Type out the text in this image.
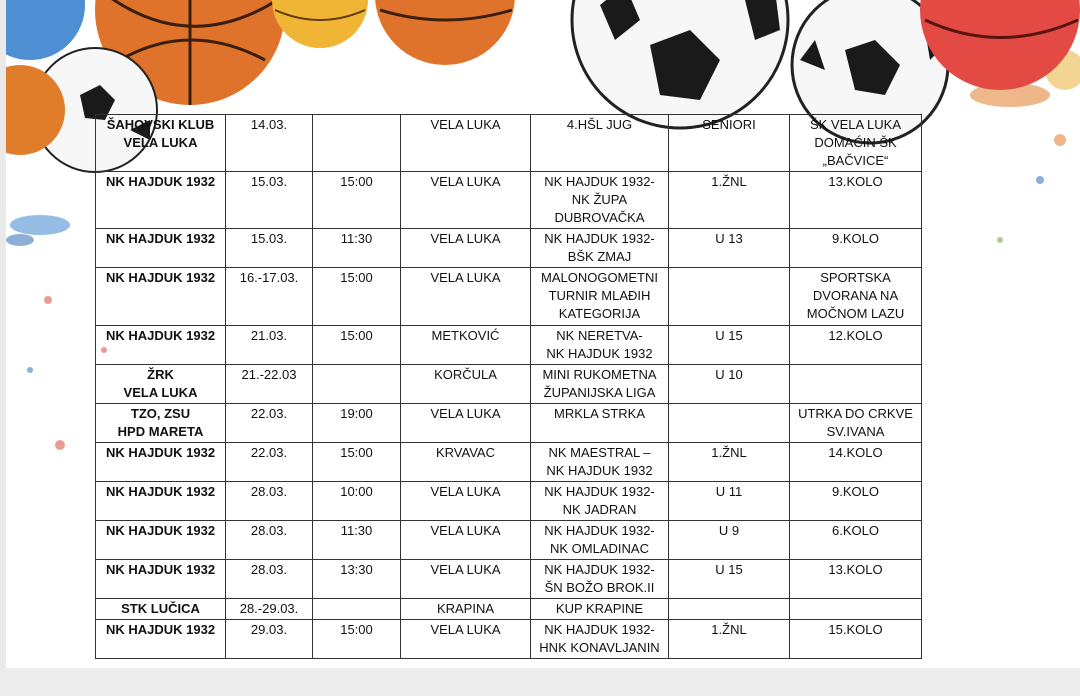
ŠAHOVSKI KLUB
VELA LUKA	14.03.		VELA LUKA	4.HŠL JUG	SENIORI	ŠK VELA LUKA
DOMAĆIN ŠK
„BAČVICE“

NK HAJDUK 1932	15.03.	15:00	VELA LUKA	NK HAJDUK 1932-
NK ŽUPA
DUBROVAČKA	1.ŽNL	13.KOLO

NK HAJDUK 1932	15.03.	11:30	VELA LUKA	NK HAJDUK 1932-
BŠK ZMAJ	U 13	9.KOLO

NK HAJDUK 1932	16.-17.03.	15:00	VELA LUKA	MALONOGOMETNI
TURNIR MLAĐIH
KATEGORIJA		SPORTSKA
DVORANA NA
MOČNOM LAZU

NK HAJDUK 1932	21.03.	15:00	METKOVIĆ	NK NERETVA-
NK HAJDUK 1932	U 15	12.KOLO

ŽRK
VELA LUKA	21.-22.03		KORČULA	MINI RUKOMETNA
ŽUPANIJSKA LIGA	U 10	

TZO, ZSU
HPD MARETA	22.03.	19:00	VELA LUKA	MRKLA STRKA		UTRKA DO CRKVE
SV.IVANA

NK HAJDUK 1932	22.03.	15:00	KRVAVAC	NK MAESTRAL –
NK HAJDUK 1932	1.ŽNL	14.KOLO

NK HAJDUK 1932	28.03.	10:00	VELA LUKA	NK HAJDUK 1932-
NK JADRAN	U 11	9.KOLO

NK HAJDUK 1932	28.03.	11:30	VELA LUKA	NK HAJDUK 1932-
NK OMLADINAC	U 9	6.KOLO

NK HAJDUK 1932	28.03.	13:30	VELA LUKA	NK HAJDUK 1932-
ŠN BOŽO BROK.II	U 15	13.KOLO

STK LUČICA	28.-29.03.		KRAPINA	KUP KRAPINE		

NK HAJDUK 1932	29.03.	15:00	VELA LUKA	NK HAJDUK 1932-
HNK KONAVLJANIN	1.ŽNL	15.KOLO
